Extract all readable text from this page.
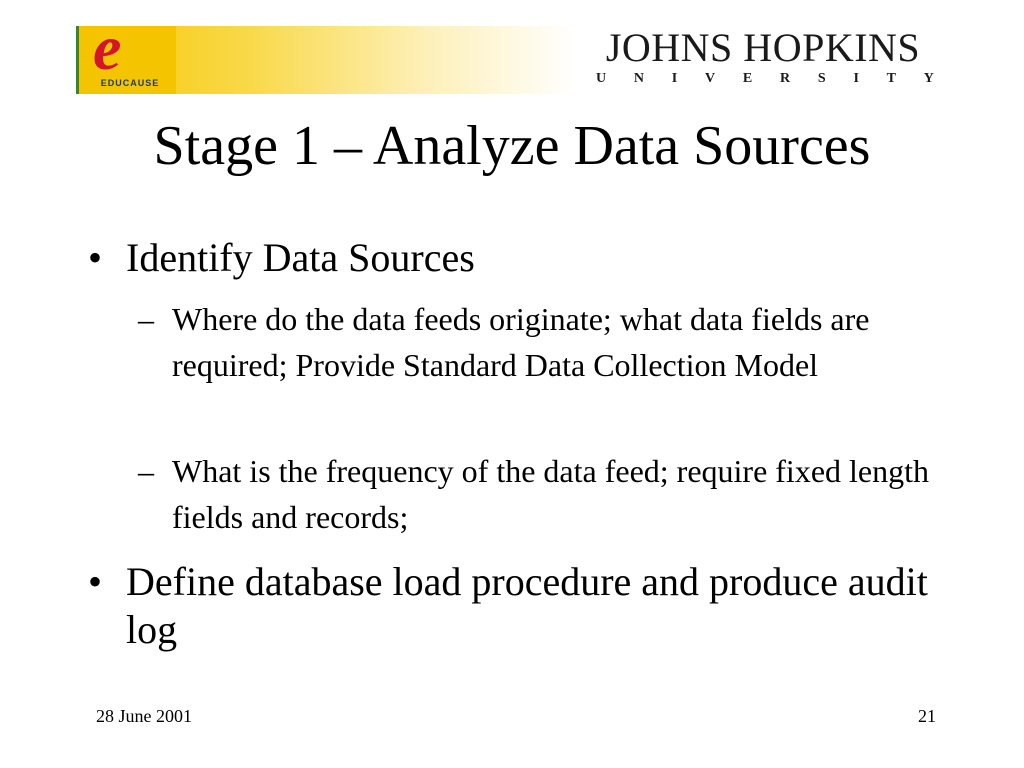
e
EDUCAUSE
JOHNS HOPKINS
U N I V E R S I T Y
Stage 1 – Analyze Data Sources
• Identify Data Sources
– Where do the data feeds originate; what data fields are required; Provide Standard Data Collection Model
– What is the frequency of the data feed; require fixed length fields and records;
• Define database load procedure and produce audit log
28 June 2001	21
